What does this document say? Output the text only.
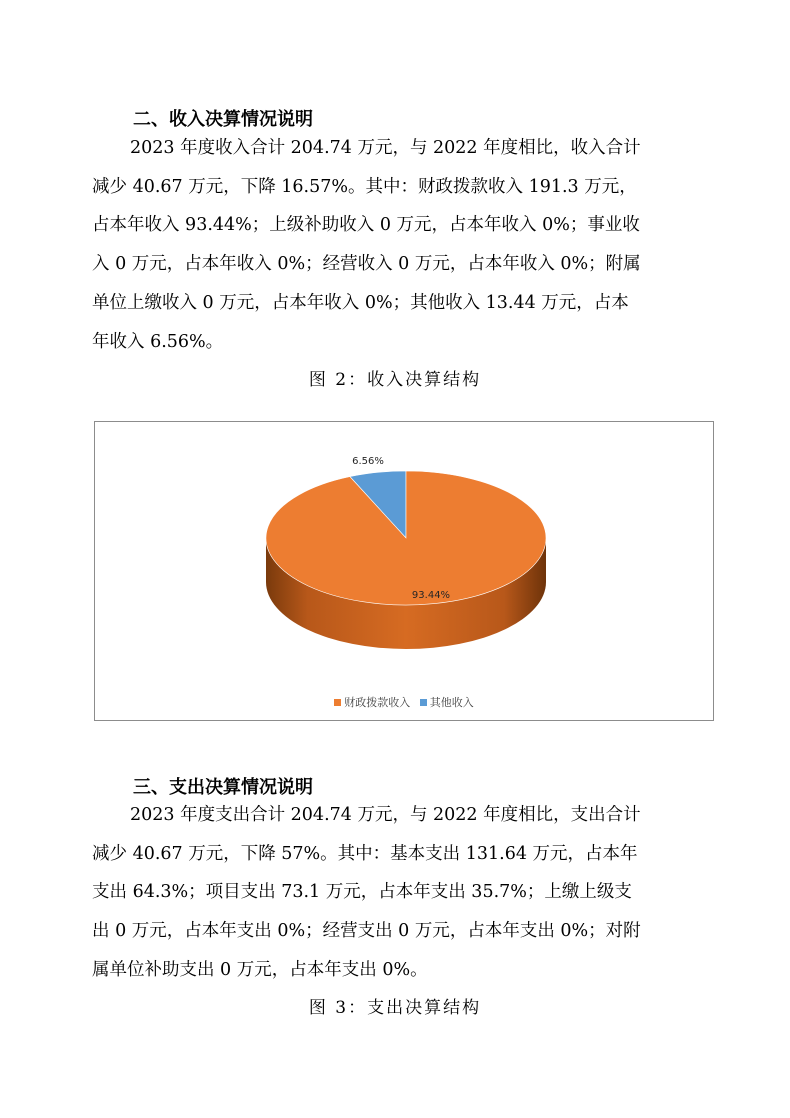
二、收入决算情况说明
2023 年度收入合计 204.74 万元，与 2022 年度相比，收入合计
减少 40.67 万元，下降 16.57%。其中：财政拨款收入 191.3 万元，
占本年收入 93.44%；上级补助收入 0 万元，占本年收入 0%；事业收
入 0 万元，占本年收入 0%；经营收入 0 万元，占本年收入 0%；附属
单位上缴收入 0 万元，占本年收入 0%；其他收入 13.44 万元，占本
年收入 6.56%。
图 2：收入决算结构
6.56%
93.44%
财政拨款收入 其他收入
三、支出决算情况说明
2023 年度支出合计 204.74 万元，与 2022 年度相比，支出合计
减少 40.67 万元，下降 57%。其中：基本支出 131.64 万元，占本年
支出 64.3%；项目支出 73.1 万元，占本年支出 35.7%；上缴上级支
出 0 万元，占本年支出 0%；经营支出 0 万元，占本年支出 0%；对附
属单位补助支出 0 万元，占本年支出 0%。
图 3：支出决算结构
